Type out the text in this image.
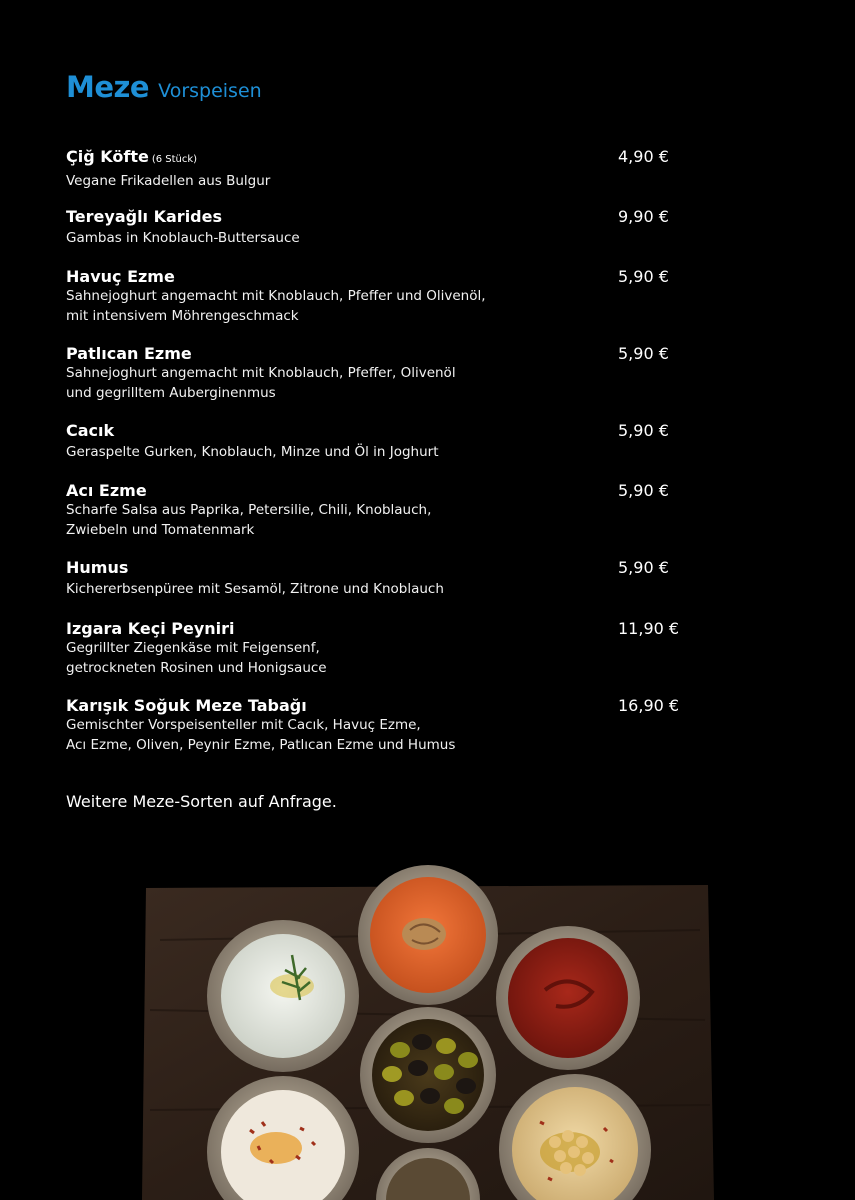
Meze Vorspeisen
Çiğ Köfte (6 Stück)
Vegane Frikadellen aus Bulgur
4,90 €
Tereyağlı Karides
Gambas in Knoblauch-Buttersauce
9,90 €
Havuç Ezme
Sahnejoghurt angemacht mit Knoblauch, Pfeffer und Olivenöl,
mit intensivem Möhrengeschmack
5,90 €
Patlıcan Ezme
Sahnejoghurt angemacht mit Knoblauch, Pfeffer, Olivenöl
und gegrilltem Auberginenmus
5,90 €
Cacık
Geraspelte Gurken, Knoblauch, Minze und Öl in Joghurt
5,90 €
Acı Ezme
Scharfe Salsa aus Paprika, Petersilie, Chili, Knoblauch,
Zwiebeln und Tomatenmark
5,90 €
Humus
Kichererbsenpüree mit Sesamöl, Zitrone und Knoblauch
5,90 €
Izgara Keçi Peyniri
Gegrillter Ziegenkäse mit Feigensenf,
getrockneten Rosinen und Honigsauce
11,90 €
Karışık Soğuk Meze Tabağı
Gemischter Vorspeisenteller mit Cacık, Havuç Ezme,
Acı Ezme, Oliven, Peynir Ezme, Patlıcan Ezme und Humus
16,90 €
Weitere Meze-Sorten auf Anfrage.
